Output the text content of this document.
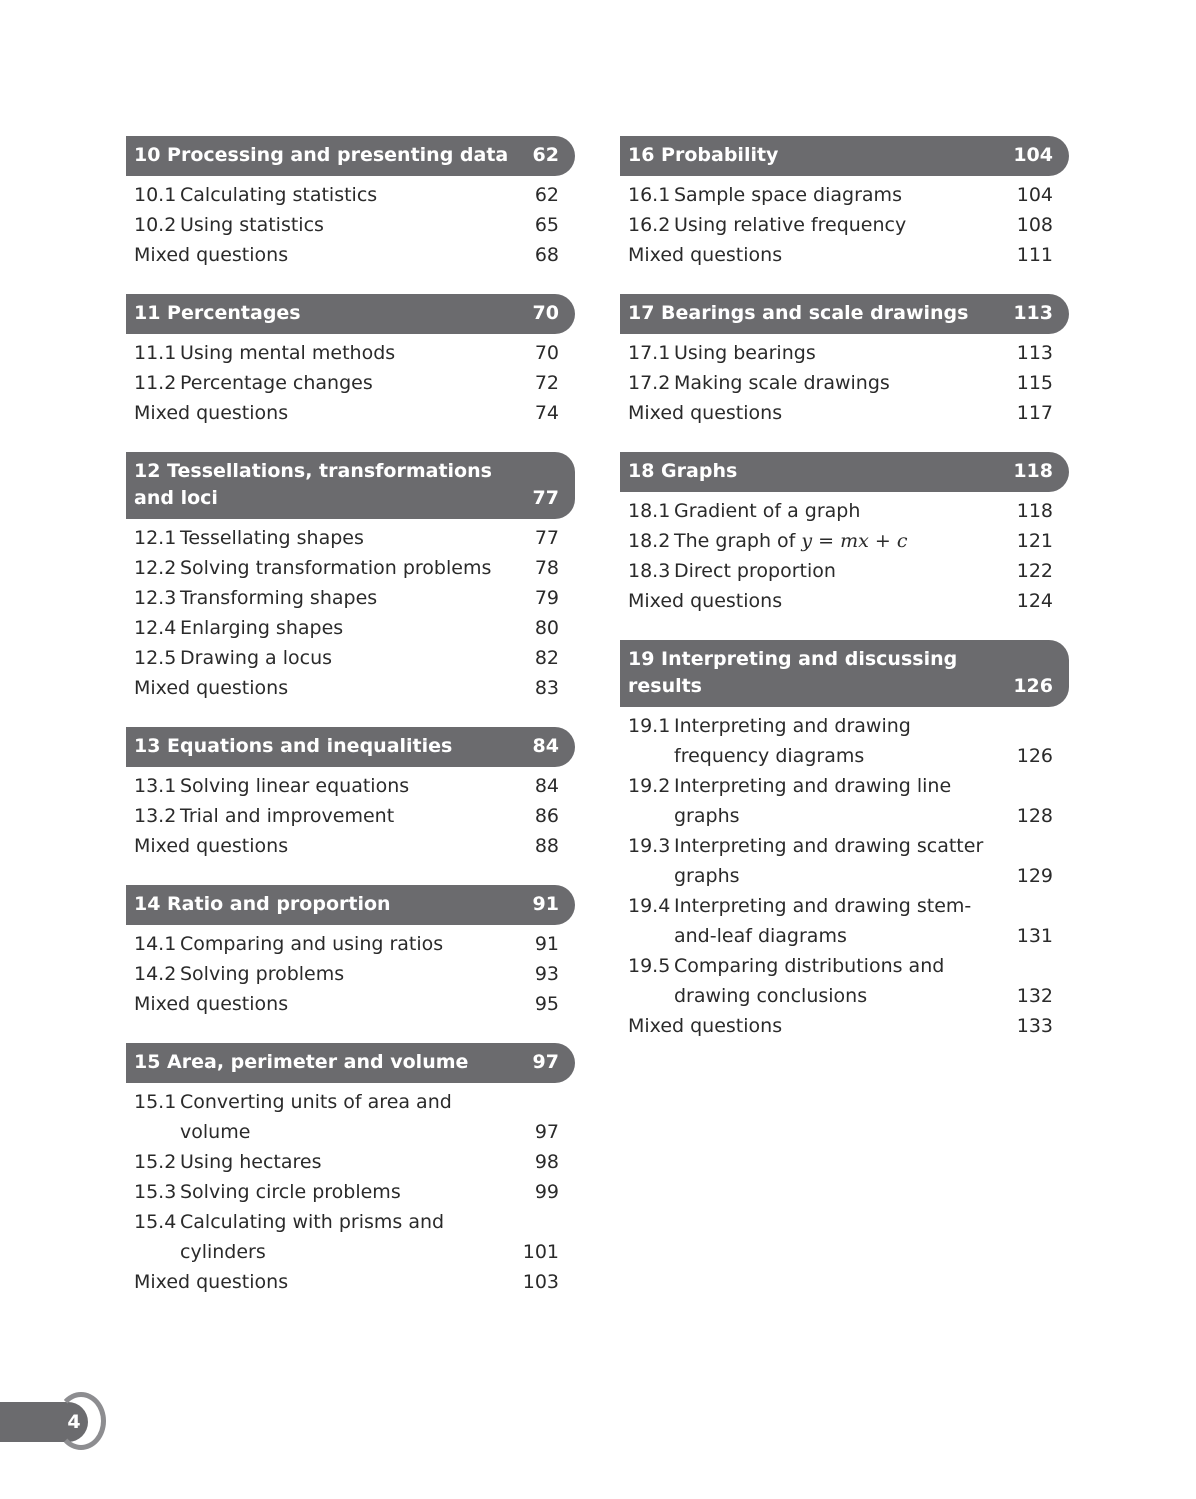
10 Processing and presenting data	62
10.1 Calculating statistics	62
10.2 Using statistics	65
Mixed questions	68
11 Percentages	70
11.1 Using mental methods	70
11.2 Percentage changes	72
Mixed questions	74
12 Tessellations, transformations and loci	77
12.1 Tessellating shapes	77
12.2 Solving transformation problems	78
12.3 Transforming shapes	79
12.4 Enlarging shapes	80
12.5 Drawing a locus	82
Mixed questions	83
13 Equations and inequalities	84
13.1 Solving linear equations	84
13.2 Trial and improvement	86
Mixed questions	88
14 Ratio and proportion	91
14.1 Comparing and using ratios	91
14.2 Solving problems	93
Mixed questions	95
15 Area, perimeter and volume	97
15.1 Converting units of area and volume	97
15.2 Using hectares	98
15.3 Solving circle problems	99
15.4 Calculating with prisms and cylinders	101
Mixed questions	103
16 Probability	104
16.1 Sample space diagrams	104
16.2 Using relative frequency	108
Mixed questions	111
17 Bearings and scale drawings	113
17.1 Using bearings	113
17.2 Making scale drawings	115
Mixed questions	117
18 Graphs	118
18.1 Gradient of a graph	118
18.2 The graph of y = mx + c	121
18.3 Direct proportion	122
Mixed questions	124
19 Interpreting and discussing results	126
19.1 Interpreting and drawing frequency diagrams	126
19.2 Interpreting and drawing line graphs	128
19.3 Interpreting and drawing scatter graphs	129
19.4 Interpreting and drawing stem-and-leaf diagrams	131
19.5 Comparing distributions and drawing conclusions	132
Mixed questions	133
4
